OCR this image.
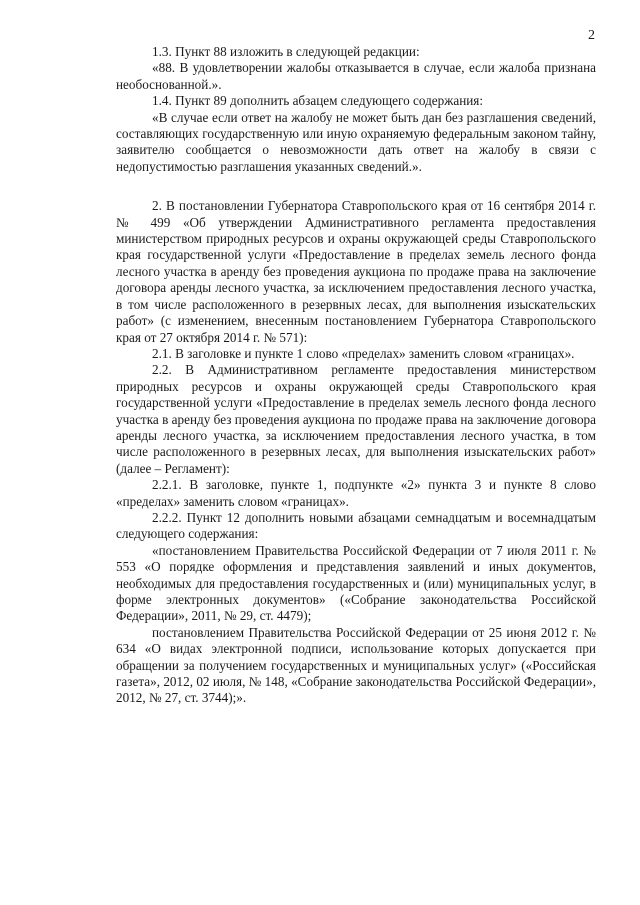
2

1.3. Пункт 88 изложить в следующей редакции:

«88. В удовлетворении жалобы отказывается в случае, если жалоба признана необоснованной.».

1.4. Пункт 89 дополнить абзацем следующего содержания:

«В случае если ответ на жалобу не может быть дан без разглашения сведений, составляющих государственную или иную охраняемую федеральным законом тайну, заявителю сообщается о невозможности дать ответ на жалобу в связи с недопустимостью разглашения указанных сведений.».

2. В постановлении Губернатора Ставропольского края от 16 сентября 2014 г. № 499 «Об утверждении Административного регламента предоставления министерством природных ресурсов и охраны окружающей среды Ставропольского края государственной услуги «Предоставление в пределах земель лесного фонда лесного участка в аренду без проведения аукциона по продаже права на заключение договора аренды лесного участка, за исключением предоставления лесного участка, в том числе расположенного в резервных лесах, для выполнения изыскательских работ» (с изменением, внесенным постановлением Губернатора Ставропольского края от 27 октября 2014 г. № 571):

2.1. В заголовке и пункте 1 слово «пределах» заменить словом «границах».

2.2. В Административном регламенте предоставления министерством природных ресурсов и охраны окружающей среды Ставропольского края государственной услуги «Предоставление в пределах земель лесного фонда лесного участка в аренду без проведения аукциона по продаже права на заключение договора аренды лесного участка, за исключением предоставления лесного участка, в том числе расположенного в резервных лесах, для выполнения изыскательских работ» (далее – Регламент):

2.2.1. В заголовке, пункте 1, подпункте «2» пункта 3 и пункте 8 слово «пределах» заменить словом «границах».

2.2.2. Пункт 12 дополнить новыми абзацами семнадцатым и восемнадцатым следующего содержания:

«постановлением Правительства Российской Федерации от 7 июля 2011 г. № 553 «О порядке оформления и представления заявлений и иных документов, необходимых для предоставления государственных и (или) муниципальных услуг, в форме электронных документов» («Собрание законодательства Российской Федерации», 2011, № 29, ст. 4479);

постановлением Правительства Российской Федерации от 25 июня 2012 г. № 634 «О видах электронной подписи, использование которых допускается при обращении за получением государственных и муниципальных услуг» («Российская газета», 2012, 02 июля, № 148, «Собрание законодательства Российской Федерации», 2012, № 27, ст. 3744);».
